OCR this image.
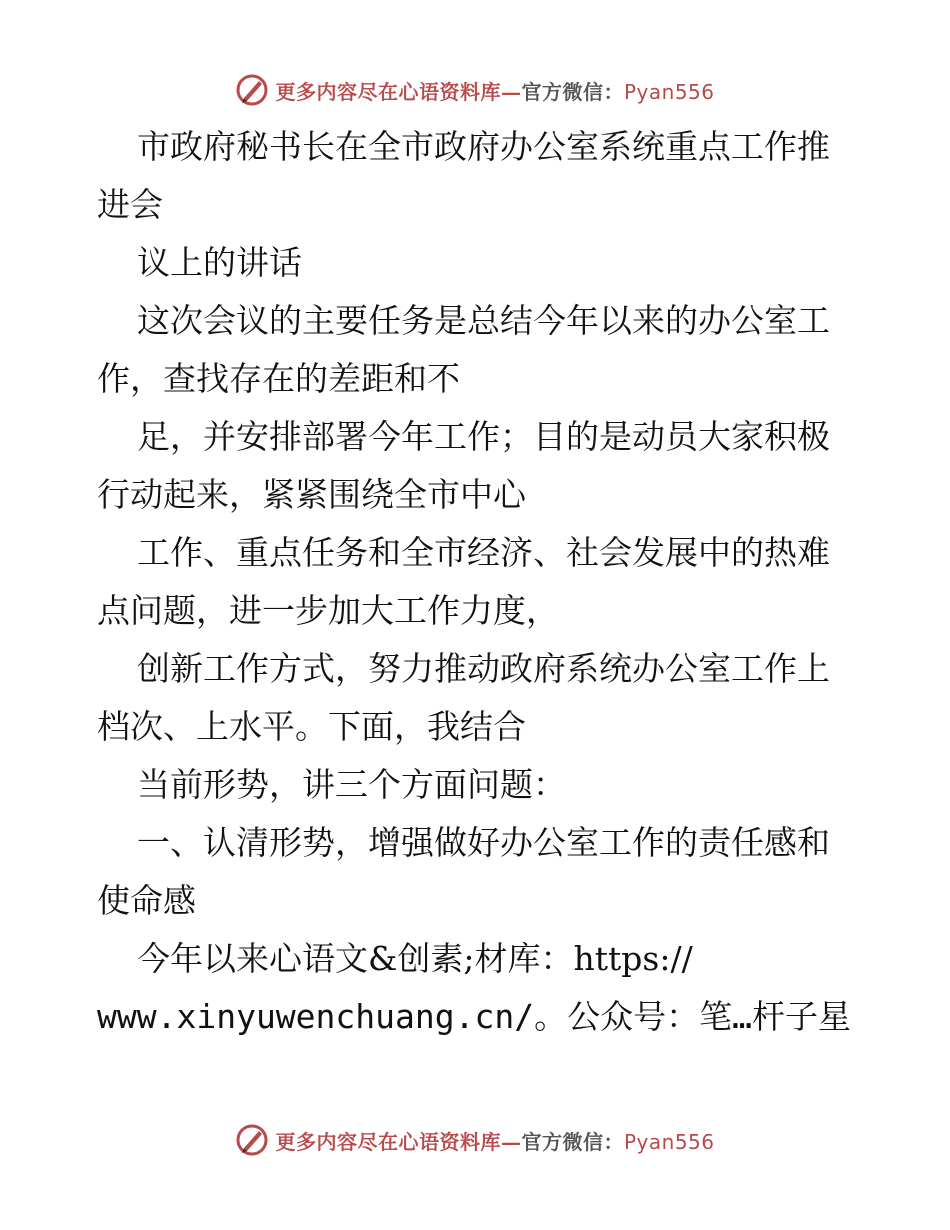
更多内容尽在心语资料库—官方微信：Pyan556
市政府秘书长在全市政府办公室系统重点工作推
进会
议上的讲话
这次会议的主要任务是总结今年以来的办公室工
作，查找存在的差距和不
足，并安排部署今年工作；目的是动员大家积极
行动起来，紧紧围绕全市中心
工作、重点任务和全市经济、社会发展中的热难
点问题，进一步加大工作力度，
创新工作方式，努力推动政府系统办公室工作上
档次、上水平。下面，我结合
当前形势，讲三个方面问题：
一、认清形势，增强做好办公室工作的责任感和
使命感
今年以来心语文&创素;材库：https://
www.xinyuwenchuang.cn/。公众号：笔…杆子星
更多内容尽在心语资料库—官方微信：Pyan556
